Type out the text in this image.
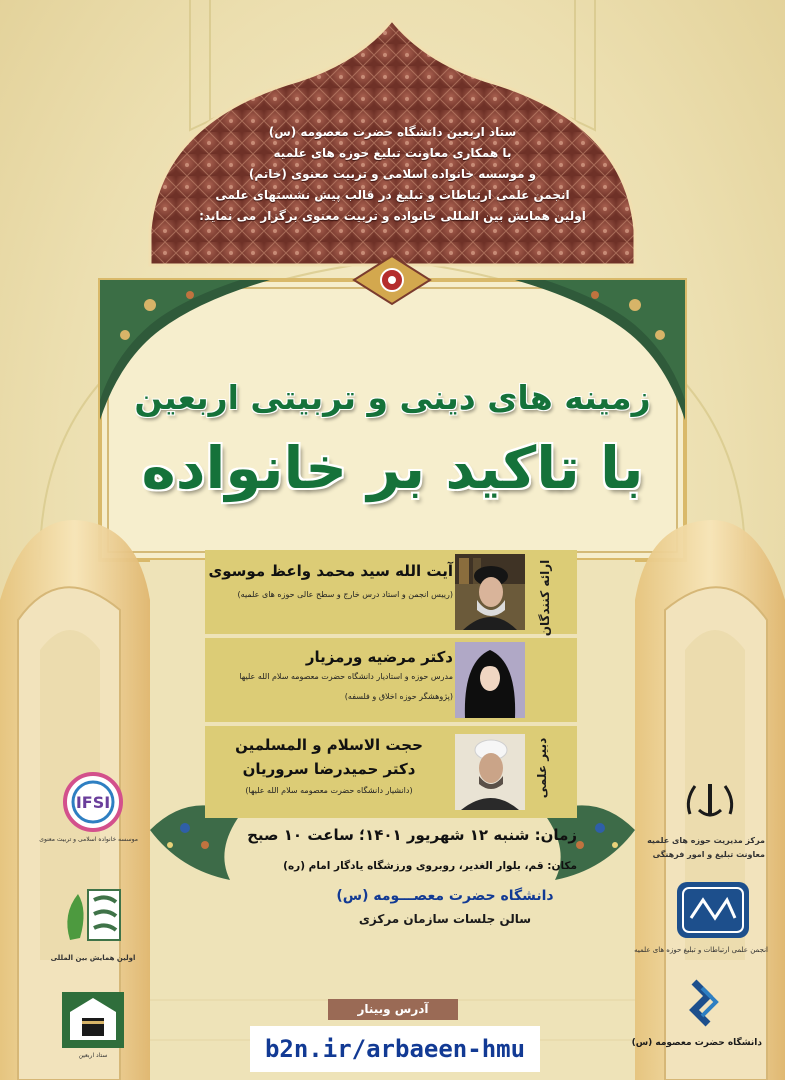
ستاد اربعین دانشگاه حضرت معصومه (س)
با همکاری معاونت تبلیغ حوزه های علمیه
و موسسه خانواده اسلامی و تربیت معنوی (خاتم)
انجمن علمی ارتباطات و تبلیغ در قالب پیش نشستهای علمی
اولین همایش بین المللی خانواده و تربیت معنوی برگزار می نماید:
زمینه های دینی و تربیتی اربعین
با تاکید بر خانواده
آیت الله سید محمد واعظ موسوی
(رییس انجمن و استاد درس خارج و سطح عالی حوزه های علمیه)
دکتر مرضیه ورمزیار
مدرس حوزه و استادیار دانشگاه حضرت معصومه سلام الله علیها
(پژوهشگر حوزه اخلاق و فلسفه)
ارائه کنندگان
حجت الاسلام و المسلمین
دکتر حمیدرضا سروریان
(دانشیار دانشگاه حضرت معصومه سلام الله علیها)	دبیر علمی
زمان: شنبه ۱۲ شهریور ۱۴۰۱؛ ساعت ۱۰ صبح
مکان: قم، بلوار الغدیر، روبروی ورزشگاه یادگار امام (ره)
دانشگاه حضرت معصـــومه (س)
سالن جلسات سازمان مرکزی
آدرس وبینار
b2n.ir/arbaeen-hmu
مرکز مدیریت حوزه های علمیه
معاونت تبلیغ و امور فرهنگی
انجمن علمی ارتباطات و تبلیغ حوزه های علمیه
دانشگاه حضرت معصومه (س)
IFSI
موسسه خانواده اسلامی و تربیت معنوی
اولین همایش بین المللی
ستاد اربعین
